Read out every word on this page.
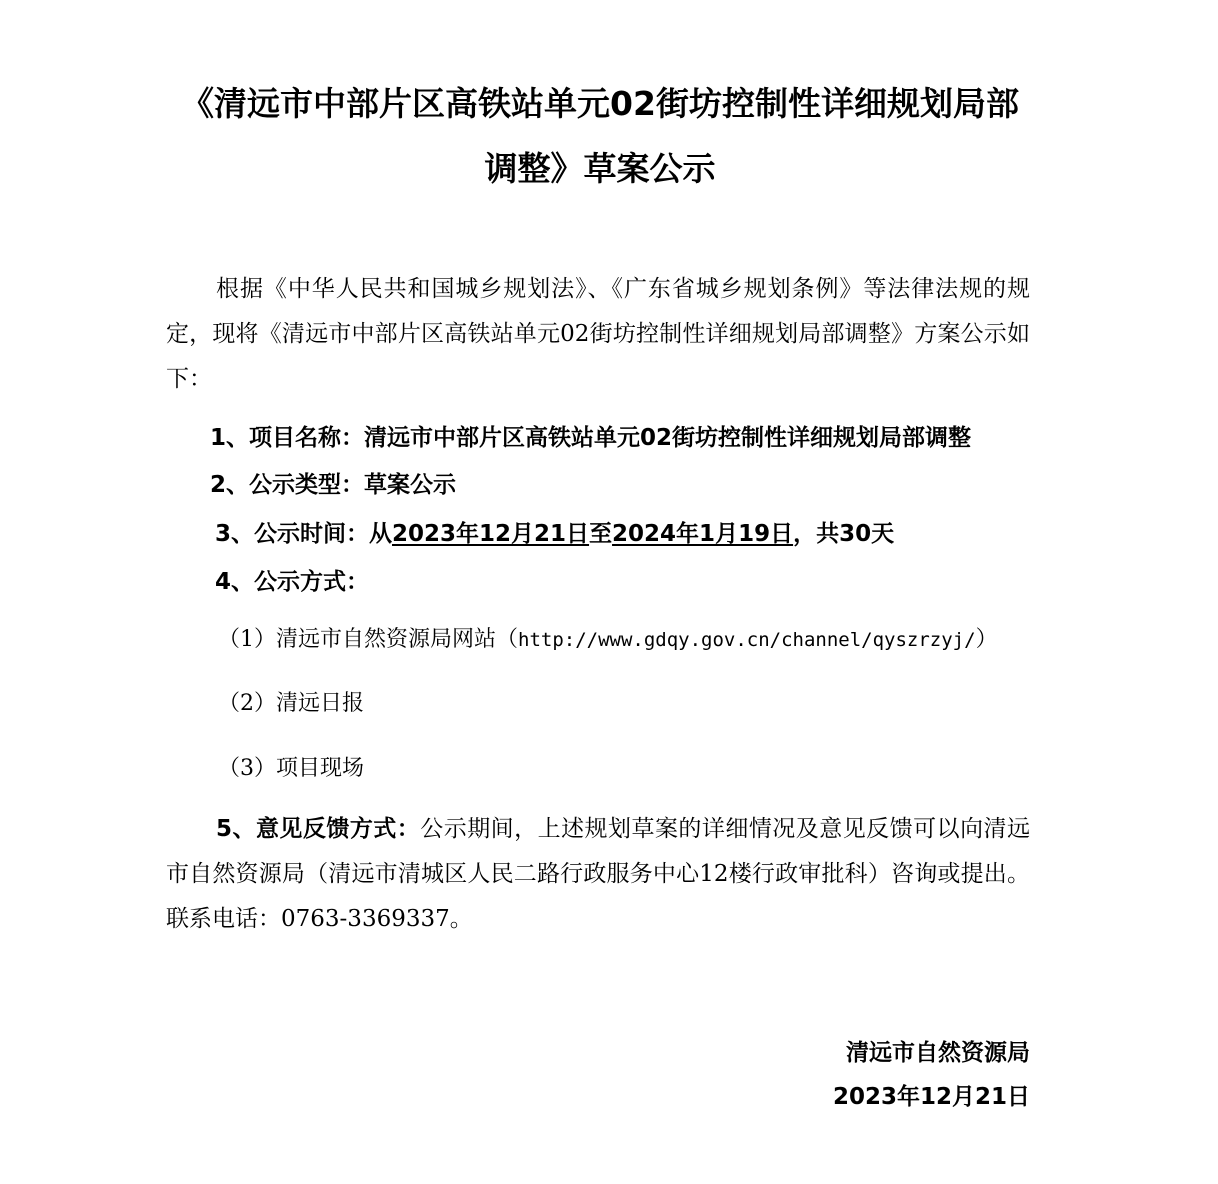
《清远市中部片区高铁站单元02街坊控制性详细规划局部
调整》草案公示
根据《中华人民共和国城乡规划法》、《广东省城乡规划条例》等法律法规的规定，现将《清远市中部片区高铁站单元02街坊控制性详细规划局部调整》方案公示如下：
1、项目名称：清远市中部片区高铁站单元02街坊控制性详细规划局部调整
2、公示类型：草案公示
3、公示时间：从2023年12月21日至2024年1月19日，共30天
4、公示方式：
（1）清远市自然资源局网站（http://www.gdqy.gov.cn/channel/qyszrzyj/）
（2）清远日报
（3）项目现场
5、意见反馈方式：公示期间，上述规划草案的详细情况及意见反馈可以向清远市自然资源局（清远市清城区人民二路行政服务中心12楼行政审批科）咨询或提出。联系电话：0763-3369337。
清远市自然资源局
2023年12月21日
